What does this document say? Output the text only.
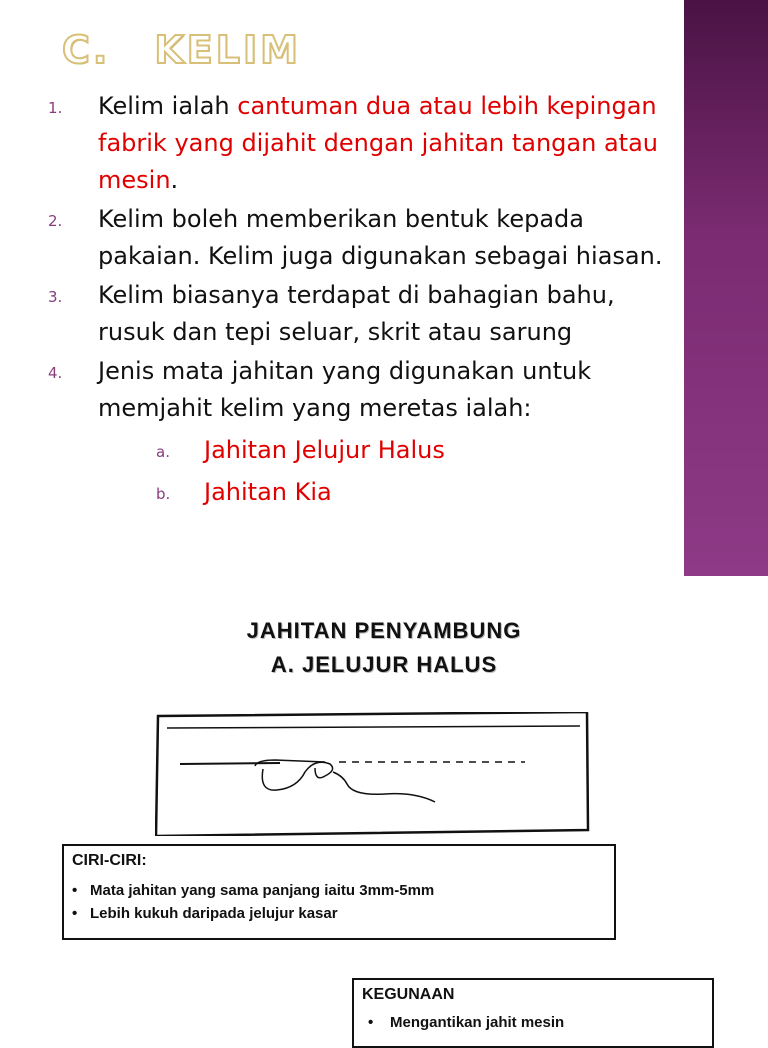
C. KELIM
1. Kelim ialah cantuman dua atau lebih kepingan fabrik yang dijahit dengan jahitan tangan atau mesin.
2. Kelim boleh memberikan bentuk kepada pakaian. Kelim juga digunakan sebagai hiasan.
3. Kelim biasanya terdapat di bahagian bahu, rusuk dan tepi seluar, skrit atau sarung
4. Jenis mata jahitan yang digunakan untuk memjahit kelim yang meretas ialah:
a. Jahitan Jelujur Halus
b. Jahitan Kia
JAHITAN PENYAMBUNG
A. JELUJUR HALUS
CIRI-CIRI:
• Mata jahitan yang sama panjang iaitu 3mm-5mm
• Lebih kukuh daripada jelujur kasar
KEGUNAAN
• Mengantikan jahit mesin
